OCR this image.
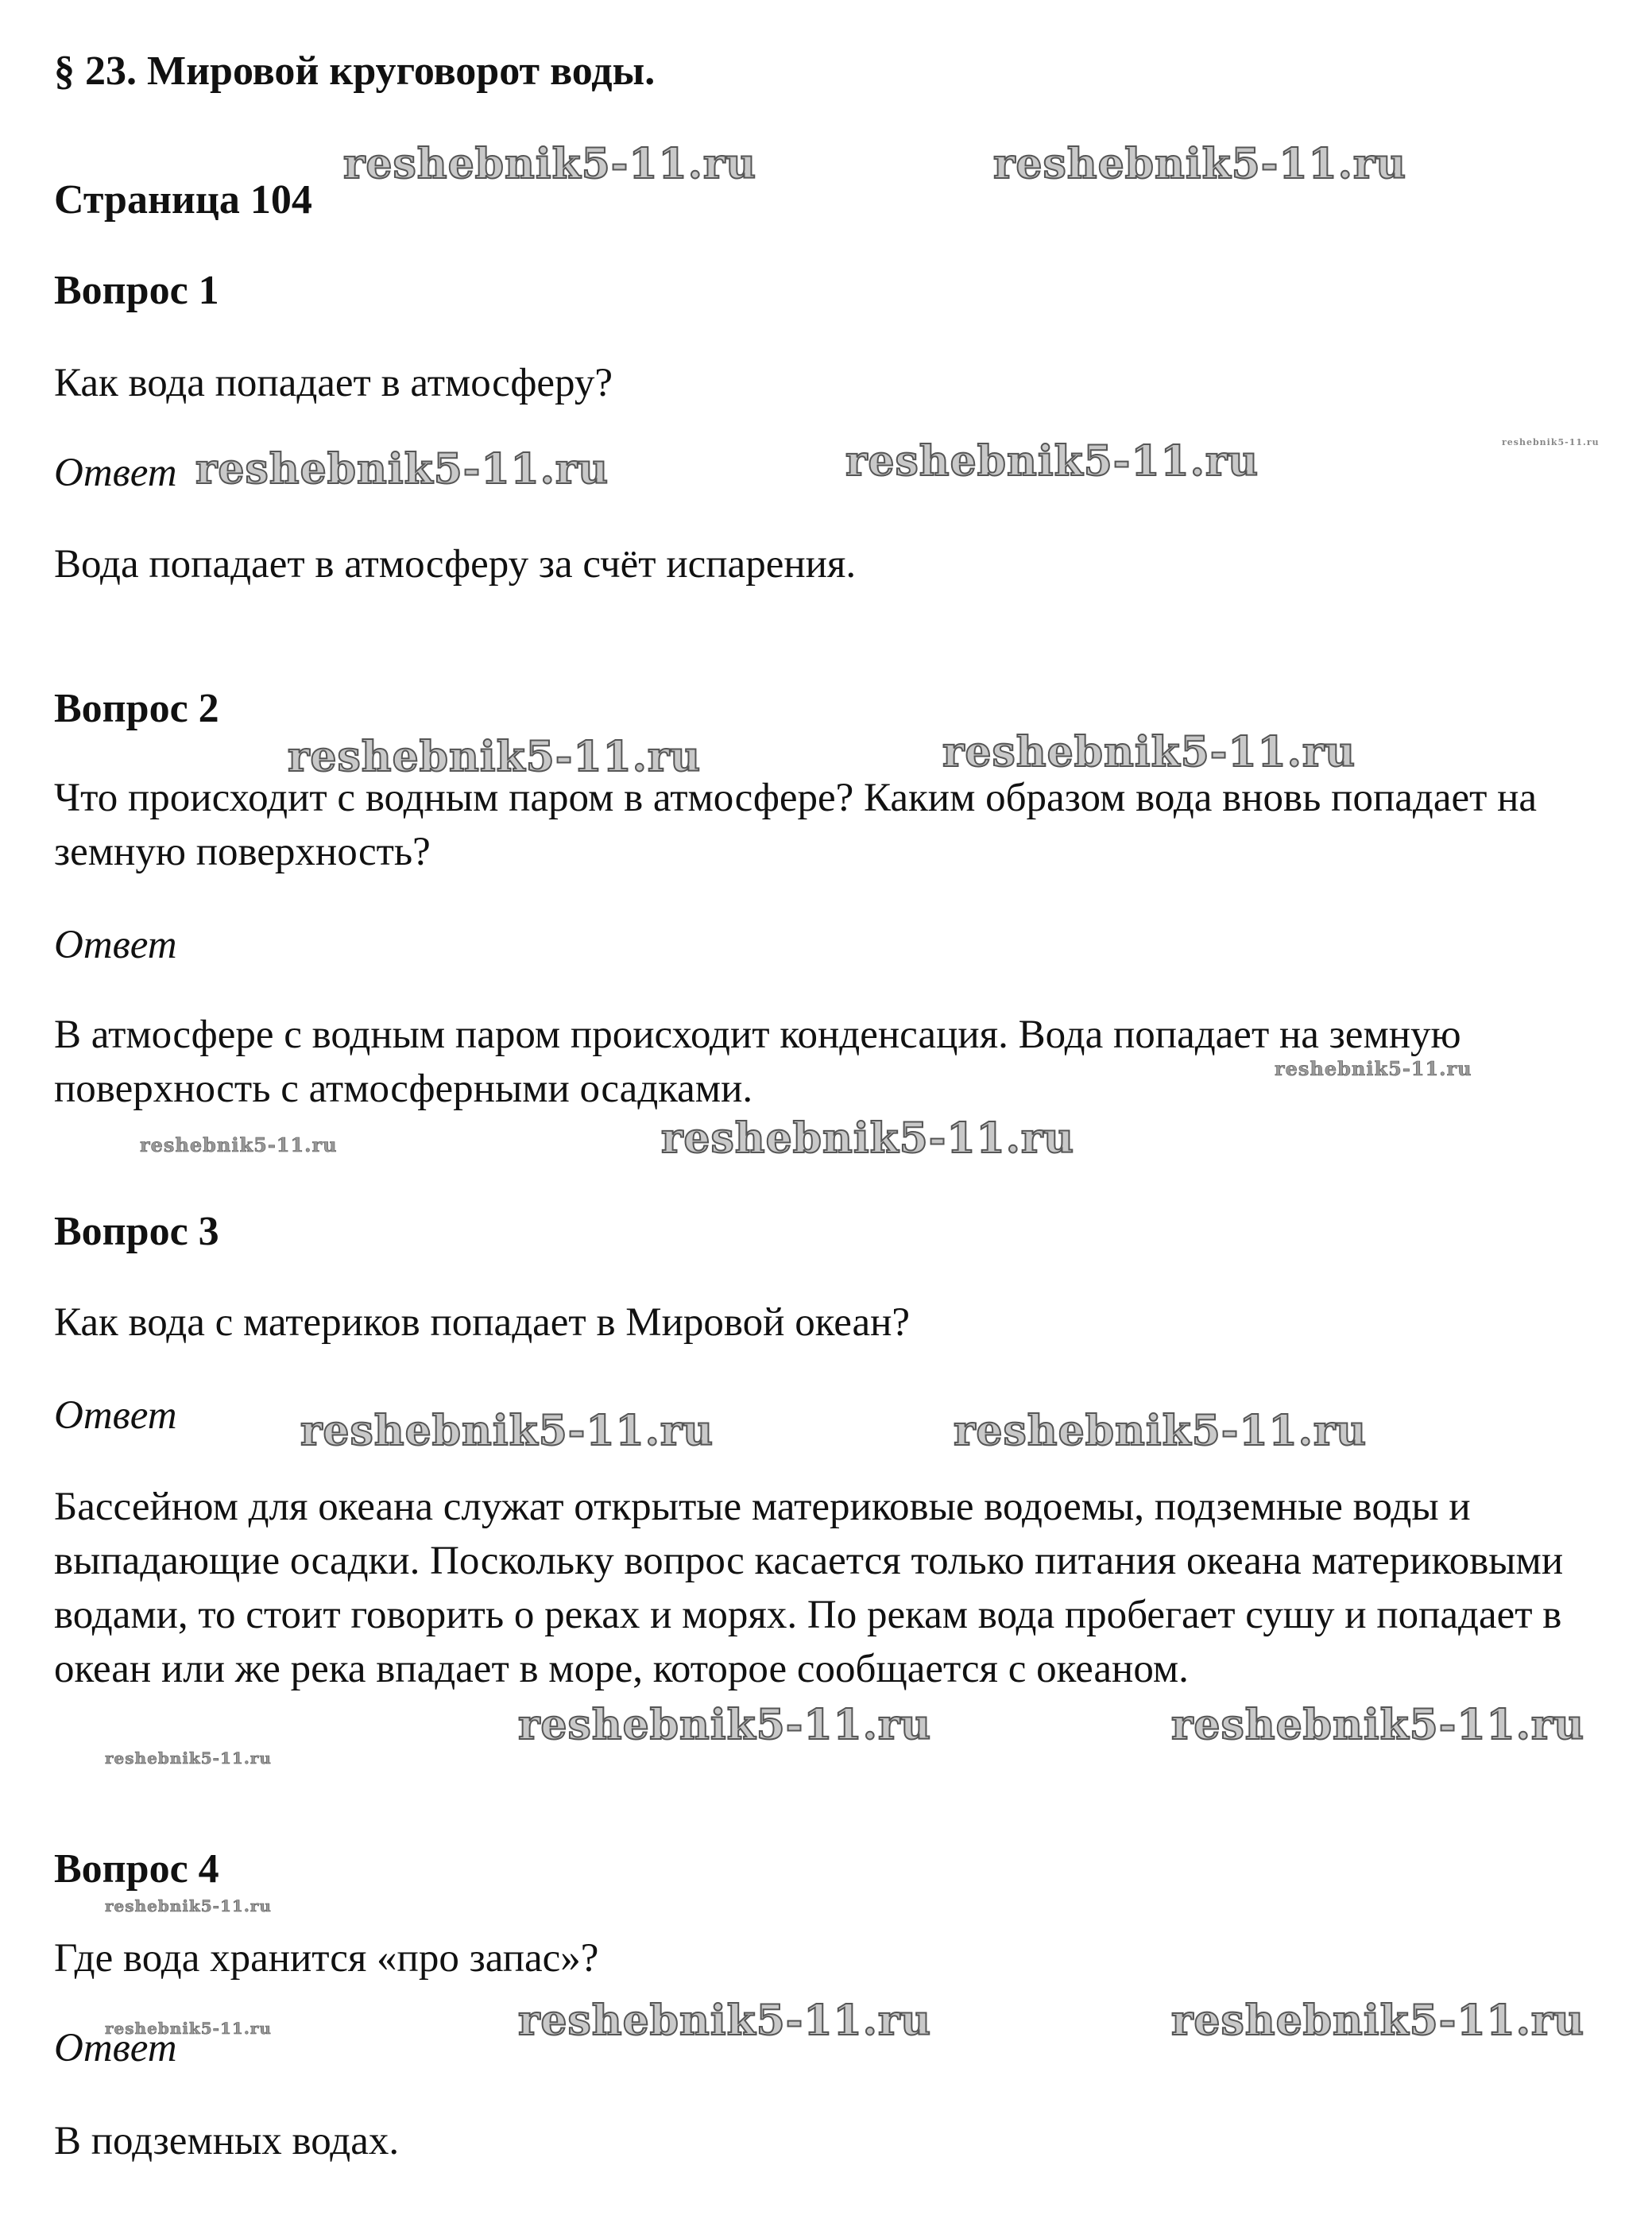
§ 23. Мировой круговорот воды.
Страница 104
Вопрос 1
Как вода попадает в атмосферу?
Ответ
Вода попадает в атмосферу за счёт испарения.
Вопрос 2
Что происходит с водным паром в атмосфере? Каким образом вода вновь попадает на земную поверхность?
Ответ
В атмосфере с водным паром происходит конденсация. Вода попадает на земную поверхность с атмосферными осадками.
Вопрос 3
Как вода с материков попадает в Мировой океан?
Ответ
Бассейном для океана служат открытые материковые водоемы, подземные воды и выпадающие осадки. Поскольку вопрос касается только питания океана материковыми водами, то стоит говорить о реках и морях. По рекам вода пробегает сушу и попадает в океан или же река впадает в море, которое сообщается с океаном.
Вопрос 4
Где вода хранится «про запас»?
Ответ
В подземных водах.
reshebnik5-11.ru	reshebnik5-11.ru
reshebnik5-11.ru
reshebnik5-11.ru	reshebnik5-11.ru
reshebnik5-11.ru	reshebnik5-11.ru
reshebnik5-11.ru
reshebnik5-11.ru	reshebnik5-11.ru
reshebnik5-11.ru	reshebnik5-11.ru
reshebnik5-11.ru	reshebnik5-11.ru
reshebnik5-11.ru
reshebnik5-11.ru
reshebnik5-11.ru	reshebnik5-11.ru	reshebnik5-11.ru
